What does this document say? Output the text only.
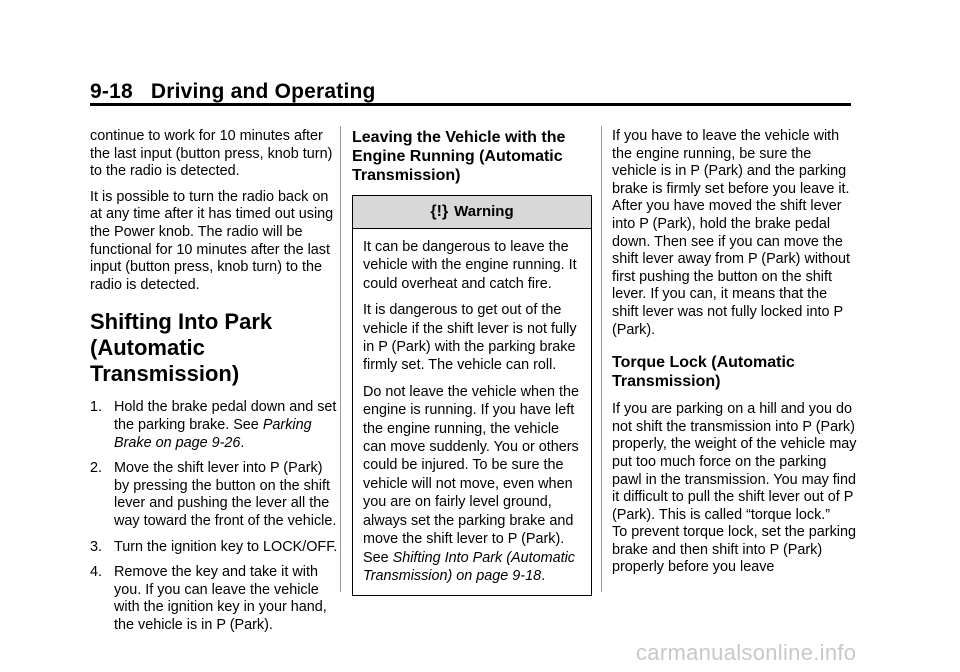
9-18 Driving and Operating

continue to work for 10 minutes after the last input (button press, knob turn) to the radio is detected.

It is possible to turn the radio back on at any time after it has timed out using the Power knob. The radio will be functional for 10 minutes after the last input (button press, knob turn) to the radio is detected.

Shifting Into Park
(Automatic Transmission)
1. Hold the brake pedal down and set the parking brake. See Parking Brake on page 9-26.
2. Move the shift lever into P (Park) by pressing the button on the shift lever and pushing the lever all the way toward the front of the vehicle.
3. Turn the ignition key to LOCK/OFF.
4. Remove the key and take it with you. If you can leave the vehicle with the ignition key in your hand, the vehicle is in P (Park).
Leaving the Vehicle with the Engine Running (Automatic Transmission)
{!} Warning

It can be dangerous to leave the vehicle with the engine running. It could overheat and catch fire.

It is dangerous to get out of the vehicle if the shift lever is not fully in P (Park) with the parking brake firmly set. The vehicle can roll.

Do not leave the vehicle when the engine is running. If you have left the engine running, the vehicle can move suddenly. You or others could be injured. To be sure the vehicle will not move, even when you are on fairly level ground, always set the parking brake and move the shift lever to P (Park). See Shifting Into Park (Automatic Transmission) on page 9-18.

If you have to leave the vehicle with the engine running, be sure the vehicle is in P (Park) and the parking brake is firmly set before you leave it. After you have moved the shift lever into P (Park), hold the brake pedal down. Then see if you can move the shift lever away from P (Park) without first pushing the button on the shift lever. If you can, it means that the shift lever was not fully locked into P (Park).

Torque Lock (Automatic Transmission)

If you are parking on a hill and you do not shift the transmission into P (Park) properly, the weight of the vehicle may put too much force on the parking pawl in the transmission. You may find it difficult to pull the shift lever out of P (Park). This is called “torque lock.”

To prevent torque lock, set the parking brake and then shift into P (Park) properly before you leave

carmanualsonline.info
